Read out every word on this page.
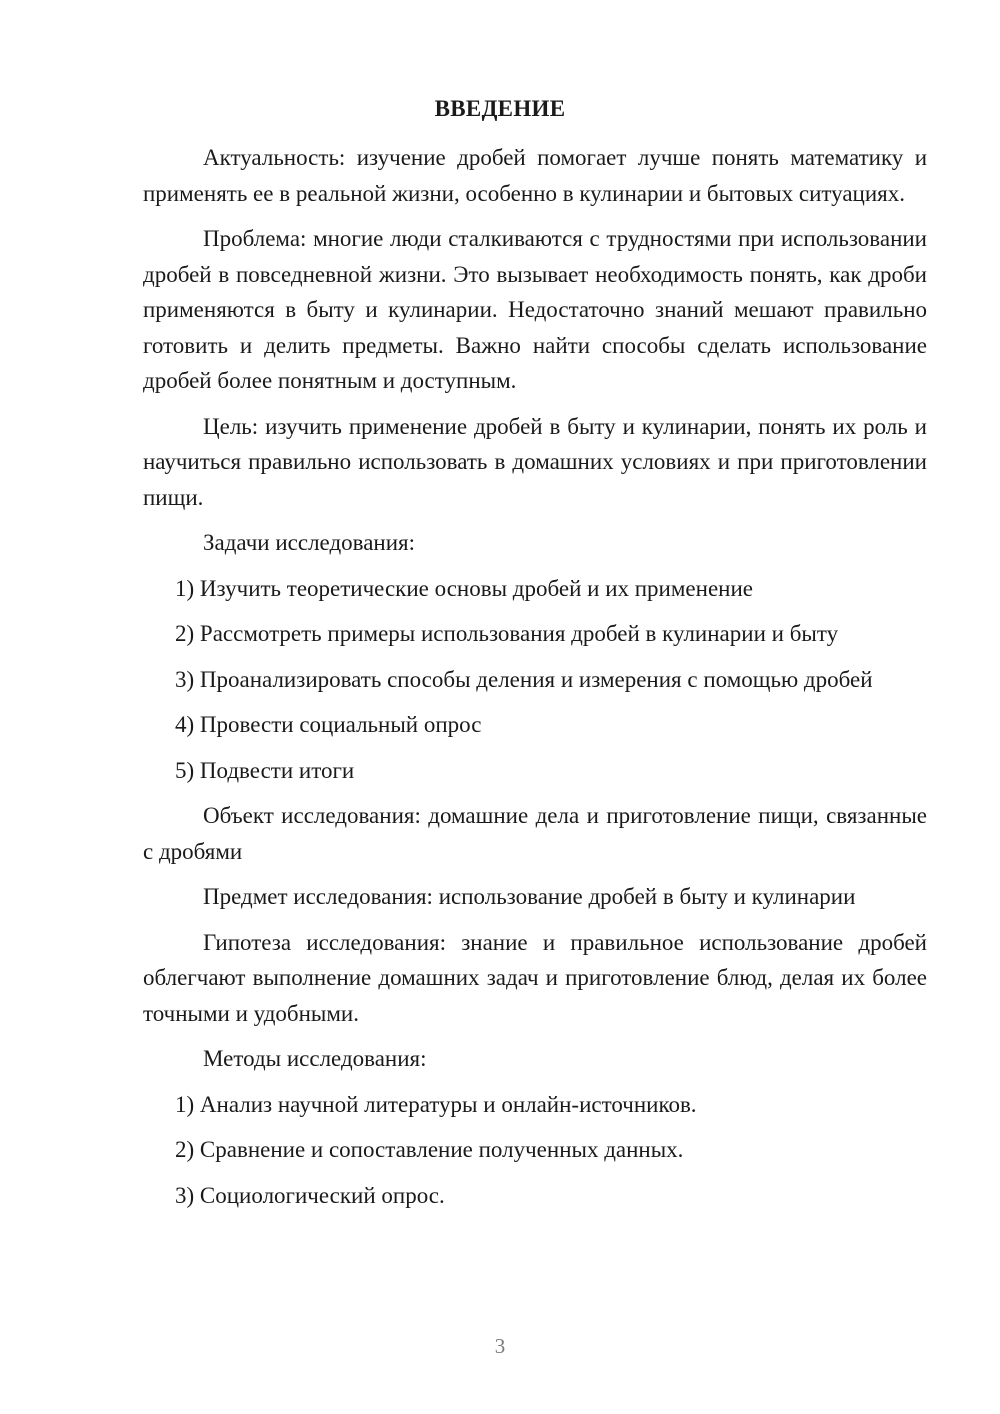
ВВЕДЕНИЕ

Актуальность: изучение дробей помогает лучше понять математику и применять ее в реальной жизни, особенно в кулинарии и бытовых ситуациях.

Проблема: многие люди сталкиваются с трудностями при использовании дробей в повседневной жизни. Это вызывает необходимость понять, как дроби применяются в быту и кулинарии. Недостаточно знаний мешают правильно готовить и делить предметы. Важно найти способы сделать использование дробей более понятным и доступным.

Цель: изучить применение дробей в быту и кулинарии, понять их роль и научиться правильно использовать в домашних условиях и при приготовлении пищи.

Задачи исследования:

1) Изучить теоретические основы дробей и их применение
2) Рассмотреть примеры использования дробей в кулинарии и быту
3) Проанализировать способы деления и измерения с помощью дробей
4) Провести социальный опрос
5) Подвести итоги

Объект исследования: домашние дела и приготовление пищи, связанные с дробями

Предмет исследования: использование дробей в быту и кулинарии

Гипотеза исследования: знание и правильное использование дробей облегчают выполнение домашних задач и приготовление блюд, делая их более точными и удобными.

Методы исследования:

1) Анализ научной литературы и онлайн-источников.
2) Сравнение и сопоставление полученных данных.
3) Социологический опрос.
3
